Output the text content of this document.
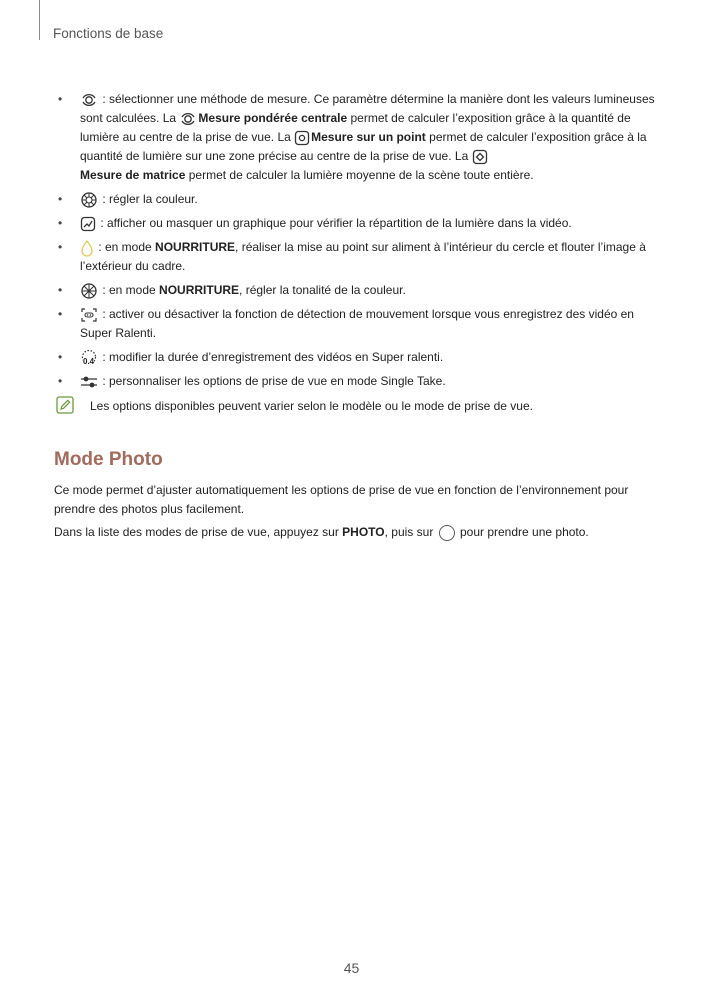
Fonctions de base
•	: sélectionner une méthode de mesure. Ce paramètre détermine la manière dont les valeurs lumineuses sont calculées. La
Mesure pondérée centrale permet de calculer l’exposition grâce à la quantité de lumière au centre de la prise de vue. La
Mesure sur un point permet de calculer l’exposition grâce à la quantité de lumière sur une zone précise au centre de la prise de vue. La

Mesure de matrice permet de calculer la lumière moyenne de la scène toute entière.
•	: régler la couleur.
•	: afficher ou masquer un graphique pour vérifier la répartition de la lumière dans la vidéo.
•	: en mode NOURRITURE, réaliser la mise au point sur aliment à l’intérieur du cercle et flouter l’image à l’extérieur du cadre.
•	: en mode NOURRITURE, régler la tonalité de la couleur.
•	: activer ou désactiver la fonction de détection de mouvement lorsque vous enregistrez des vidéo en Super Ralenti.
•	0.4 : modifier la durée d’enregistrement des vidéos en Super ralenti.
•	: personnaliser les options de prise de vue en mode Single Take.
Les options disponibles peuvent varier selon le modèle ou le mode de prise de vue.
Mode Photo

Ce mode permet d’ajuster automatiquement les options de prise de vue en fonction de l’environnement pour prendre des photos plus facilement.

Dans la liste des modes de prise de vue, appuyez sur PHOTO, puis sur  pour prendre une photo.

45
